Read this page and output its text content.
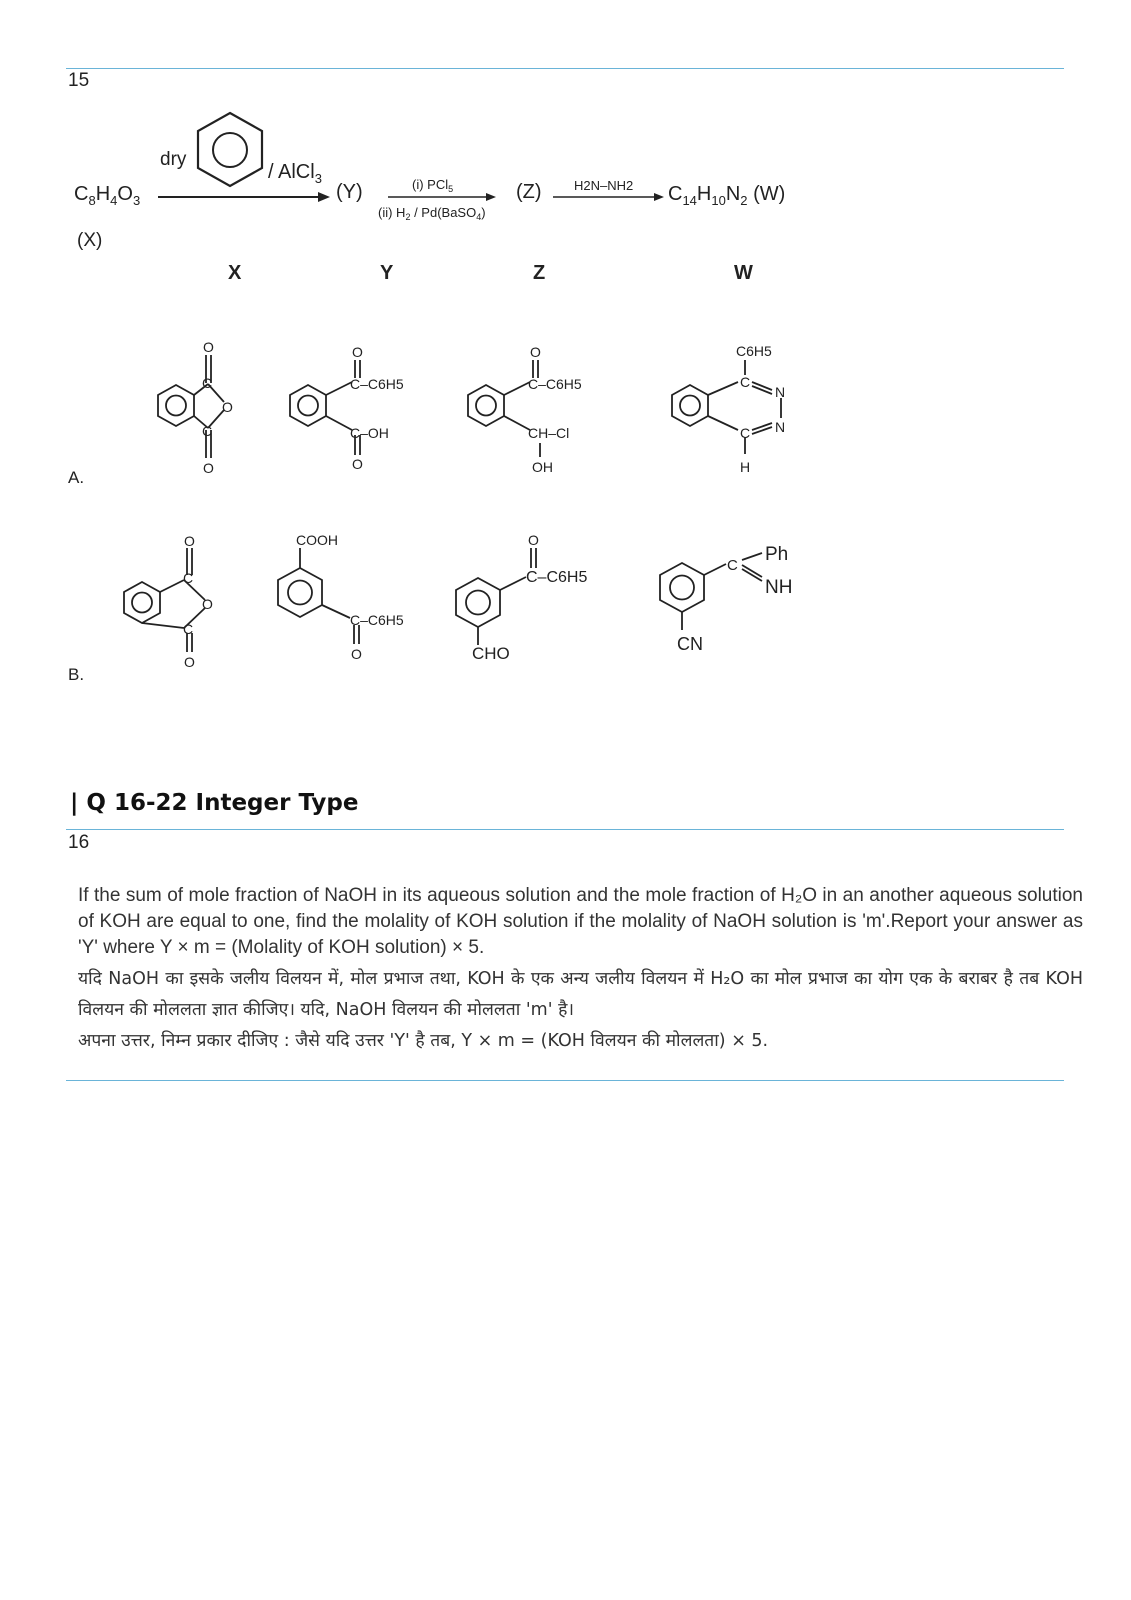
15
$C_8H_4O_3$
(X)
dry
/ AlCl$_3$
(Y)	(i) PCl$_5$
(ii) $H_2$ / Pd(BaSO$_4$)
(Z) H2N–NH2 $C_{14}H_{10}N_2$ (W)
X	Y	Z	W
O
C
O
C
O
O
C–C6H5
C–OH
O
O
C–C6H5
CH–Cl
OH
C6H5
C
N
N
C
H
A.
O
C
O
C
O
COOH
C–C6H5
O
O
C–C6H5
CHO
C
Ph
NH
CN
B.
| Q 16-22 Integer Type
16

If the sum of mole fraction of NaOH in its aqueous solution and the mole fraction of H₂O in an another aqueous solution of KOH are equal to one, find the molality of KOH solution if the molality of NaOH solution is 'm'.Report your answer as 'Y' where Y × m = (Molality of KOH solution) × 5.

यदि NaOH का इसके जलीय विलयन में, मोल प्रभाज तथा, KOH के एक अन्य जलीय विलयन में H₂O का मोल प्रभाज का योग एक के बराबर है तब KOH विलयन की मोललता ज्ञात कीजिए। यदि, NaOH विलयन की मोललता 'm' है।

अपना उत्तर, निम्न प्रकार दीजिए : जैसे यदि उत्तर 'Y' है तब, Y × m = (KOH विलयन की मोललता) × 5.
